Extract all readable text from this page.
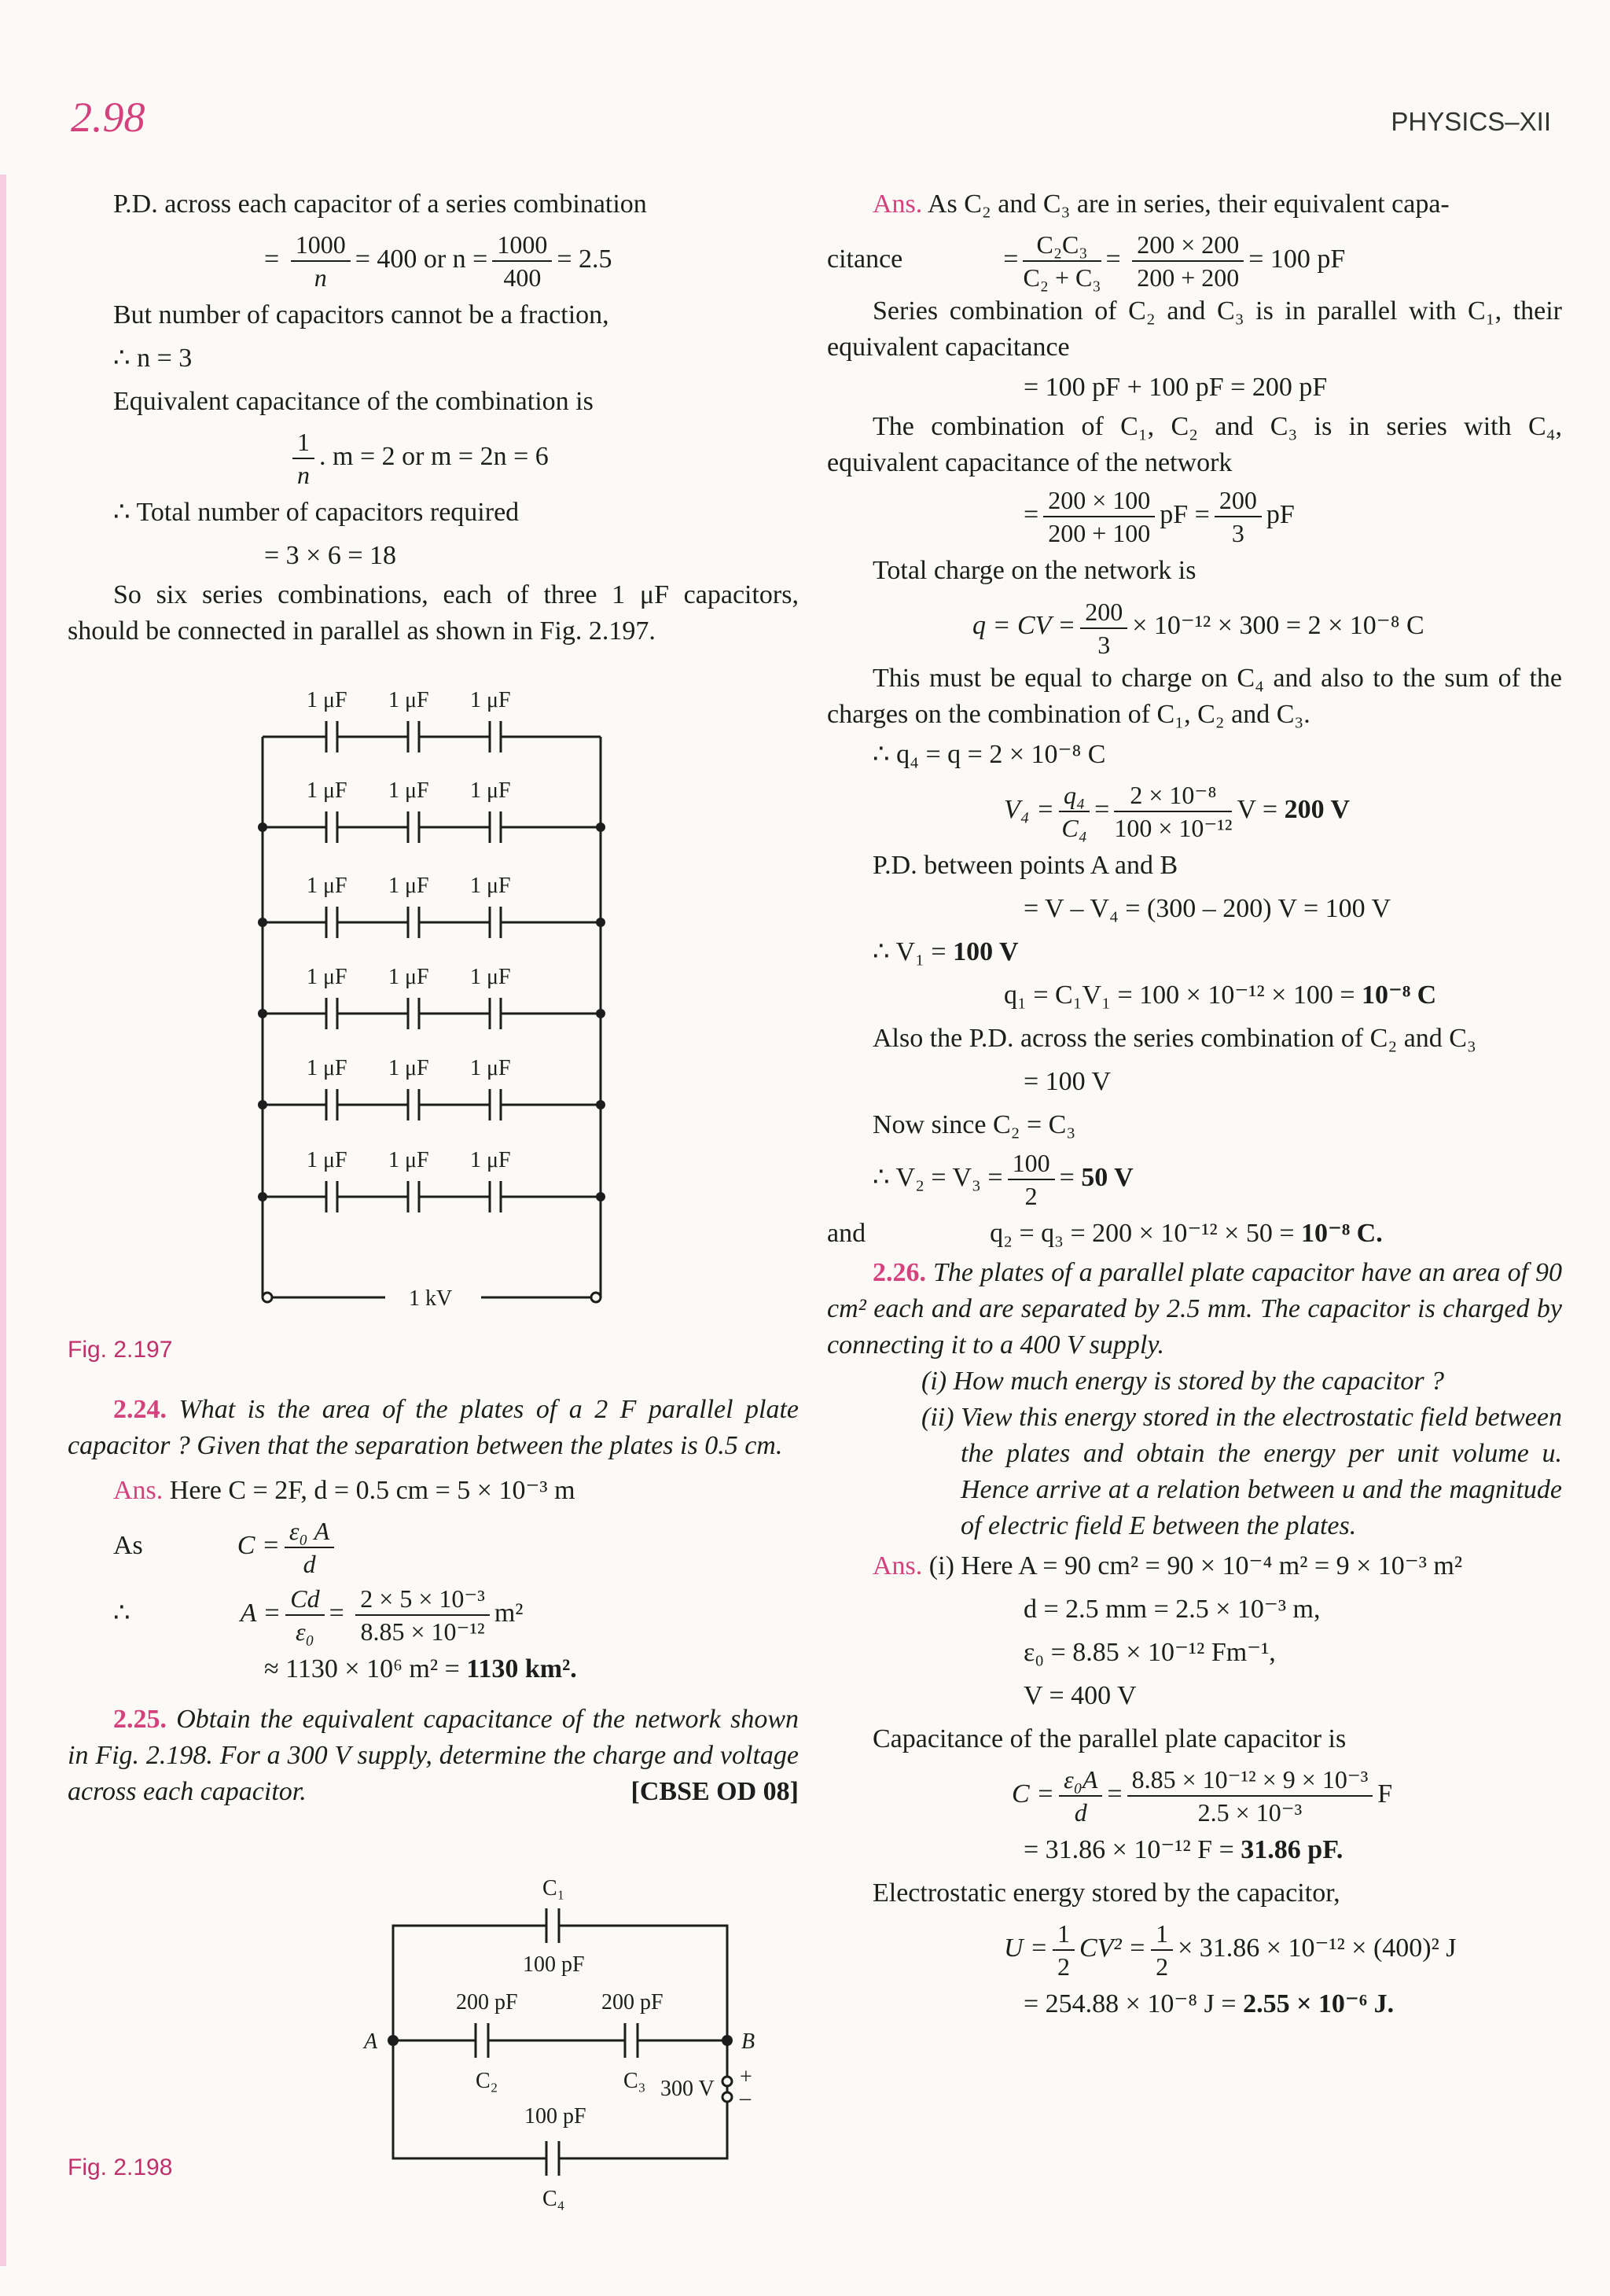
2.98	PHYSICS–XII
P.D. across each capacitor of a series combination
= $\frac{1000}{n} = 400$ or $n = \frac{1000}{400} = 2.5$
But number of capacitors cannot be a fraction,
∴ n = 3
Equivalent capacitance of the combination is
$\frac{1}{n}$ . m = 2 or m = 2n = 6
∴ Total number of capacitors required
= 3 × 6 = 18
So six series combinations, each of three 1 μF capacitors, should be connected in parallel as shown in Fig. 2.197.
1 μF 1 μF 1 μF
1 μF 1 μF 1 μF
1 μF 1 μF 1 μF
1 μF 1 μF 1 μF
1 μF 1 μF 1 μF
1 μF 1 μF 1 μF
1 kV
Fig. 2.197
2.24. What is the area of the plates of a 2 F parallel plate capacitor ? Given that the separation between the plates is 0.5 cm.
Ans. Here C = 2F, d = 0.5 cm = 5 × 10⁻³ m
As	$C = \frac{\text{ε₀ A}}{d}$
∴	$A = \frac{Cd}{\text{ε₀}} = \frac{\text{2 × 5 × 10⁻³}}{\text{8.85 × 10⁻¹²}} m^2$
≈ 1130 × 10⁶ m² = 1130 km².
2.25. Obtain the equivalent capacitance of the network shown in Fig. 2.198. For a 300 V supply, determine the charge and voltage across each capacitor.	[CBSE OD 08]
C₁
100 pF
200 pF	200 pF
C₂	C₃
100 pF
C₄
A	B
300 V +
–
Fig. 2.198
Ans. As C₂ and C₃ are in series, their equivalent capa-
citance	= $\frac{\text{C₂C₃}}{\text{C₂ + C₃}} = \frac{200 \times 200}{200 + 200} = 100$ pF
Series combination of C₂ and C₃ is in parallel with C₁, their equivalent capacitance
= 100 pF + 100 pF = 200 pF
The combination of C₁, C₂ and C₃ is in series with C₄, equivalent capacitance of the network
= $\frac{200 \times 100}{200 + 100}$ pF = $\frac{200}{3}$ pF
Total charge on the network is
q = CV = $\frac{200}{3} \times 10^{-12} \times 300 = 2 \times 10^{-8}$ C
This must be equal to charge on C₄ and also to the sum of the charges on the combination of C₁, C₂ and C₃.
∴ q₄ = q = 2 × 10⁻⁸ C
$V_4 = \frac{\text{q₄}}{\text{C₄}} = \frac{\text{2 × 10⁻⁸}}{\text{100 × 10⁻¹²}}$ V = 200 V
P.D. between points A and B
= V – V₄ = (300 – 200) V = 100 V
∴ V₁ = 100 V
q₁ = C₁V₁ = 100 × 10⁻¹² × 100 = 10⁻⁸ C
Also the P.D. across the series combination of C₂ and C₃
= 100 V
Now since C₂ = C₃
∴ $V_2 = V_3 = \frac{100}{2} = 50$ V
and	q₂ = q₃ = 200 × 10⁻¹² × 50 = 10⁻⁸ C.
2.26. The plates of a parallel plate capacitor have an area of 90 cm² each and are separated by 2.5 mm. The capacitor is charged by connecting it to a 400 V supply.
(i) How much energy is stored by the capacitor ?
(ii) View this energy stored in the electrostatic field between the plates and obtain the energy per unit volume u. Hence arrive at a relation between u and the magnitude of electric field E between the plates.
Ans. (i) Here A = 90 cm² = 90 × 10⁻⁴ m² = 9 × 10⁻³ m²
d = 2.5 mm = 2.5 × 10⁻³ m,
ε₀ = 8.85 × 10⁻¹² Fm⁻¹,
V = 400 V
Capacitance of the parallel plate capacitor is
$C = \frac{\text{ε₀A}}{d} = \frac{\text{8.85 × 10⁻¹² × 9 × 10⁻³}}{\text{2.5 × 10⁻³}}$ F
= 31.86 × 10⁻¹² F = 31.86 pF.
Electrostatic energy stored by the capacitor,
$U = \frac{1}{2} CV^2 = \frac{1}{2} \times 31.86 \times 10^{-12} \times (400)^2$ J
= 254.88 × 10⁻⁸ J = 2.55 × 10⁻⁶ J.
